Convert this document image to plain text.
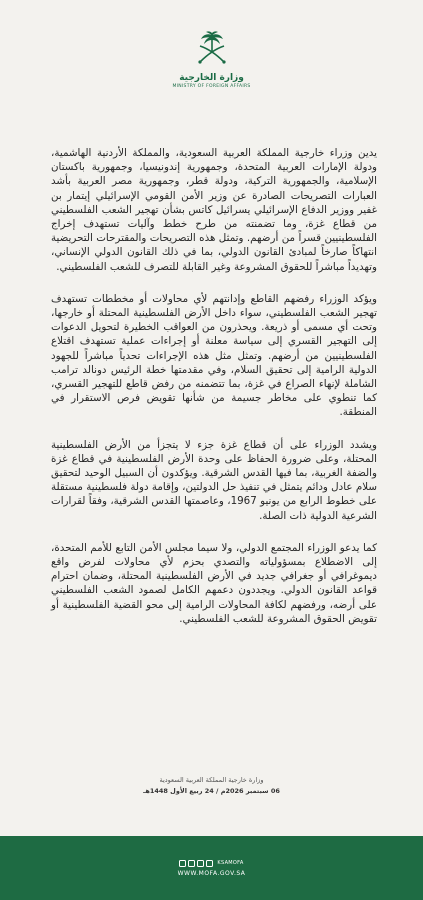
وزارة الخارجية
MINISTRY OF FOREIGN AFFAIRS

يدين وزراء خارجية المملكة العربية السعودية، والمملكة الأردنية الهاشمية، ودولة الإمارات العربية المتحدة، وجمهورية إندونيسيا، وجمهورية باكستان الإسلامية، والجمهورية التركية، ودولة قطر، وجمهورية مصر العربية بأشد العبارات التصريحات الصادرة عن وزير الأمن القومي الإسرائيلي إيتمار بن غفير ووزير الدفاع الإسرائيلي يسرائيل كاتس بشأن تهجير الشعب الفلسطيني من قطاع غزة، وما تضمنته من طرح خطط وآليات تستهدف إخراج الفلسطينيين قسراً من أرضهم. وتمثل هذه التصريحات والمقترحات التحريضية انتهاكاً صارخاً لمبادئ القانون الدولي، بما في ذلك القانون الدولي الإنساني، وتهديداً مباشراً للحقوق المشروعة وغير القابلة للتصرف للشعب الفلسطيني.

ويؤكد الوزراء رفضهم القاطع وإدانتهم لأي محاولات أو مخططات تستهدف تهجير الشعب الفلسطيني، سواء داخل الأرض الفلسطينية المحتلة أو خارجها، وتحت أي مسمى أو ذريعة. ويحذرون من العواقب الخطيرة لتحويل الدعوات إلى التهجير القسري إلى سياسة معلنة أو إجراءات عملية تستهدف اقتلاع الفلسطينيين من أرضهم. وتمثل مثل هذه الإجراءات تحدياً مباشراً للجهود الدولية الرامية إلى تحقيق السلام، وفي مقدمتها خطة الرئيس دونالد ترامب الشاملة لإنهاء الصراع في غزة، بما تتضمنه من رفض قاطع للتهجير القسري، كما تنطوي على مخاطر جسيمة من شأنها تقويض فرص الاستقرار في المنطقة.

ويشدد الوزراء على أن قطاع غزة جزء لا يتجزأ من الأرض الفلسطينية المحتلة، وعلى ضرورة الحفاظ على وحدة الأرض الفلسطينية في قطاع غزة والضفة الغربية، بما فيها القدس الشرقية. ويؤكدون أن السبيل الوحيد لتحقيق سلام عادل ودائم يتمثل في تنفيذ حل الدولتين، وإقامة دولة فلسطينية مستقلة على خطوط الرابع من يونيو 1967، وعاصمتها القدس الشرقية، وفقاً لقرارات الشرعية الدولية ذات الصلة.

كما يدعو الوزراء المجتمع الدولي، ولا سيما مجلس الأمن التابع للأمم المتحدة، إلى الاضطلاع بمسؤولياته والتصدي بحزم لأي محاولات لفرض واقع ديموغرافي أو جغرافي جديد في الأرض الفلسطينية المحتلة، وضمان احترام قواعد القانون الدولي. ويجددون دعمهم الكامل لصمود الشعب الفلسطيني على أرضه، ورفضهم لكافة المحاولات الرامية إلى محو القضية الفلسطينية أو تقويض الحقوق المشروعة للشعب الفلسطيني.

وزارة خارجية المملكة العربية السعودية
06 سبتمبر 2026م / 24 ربيع الأول 1448هـ
KSAMOFA
WWW.MOFA.GOV.SA
